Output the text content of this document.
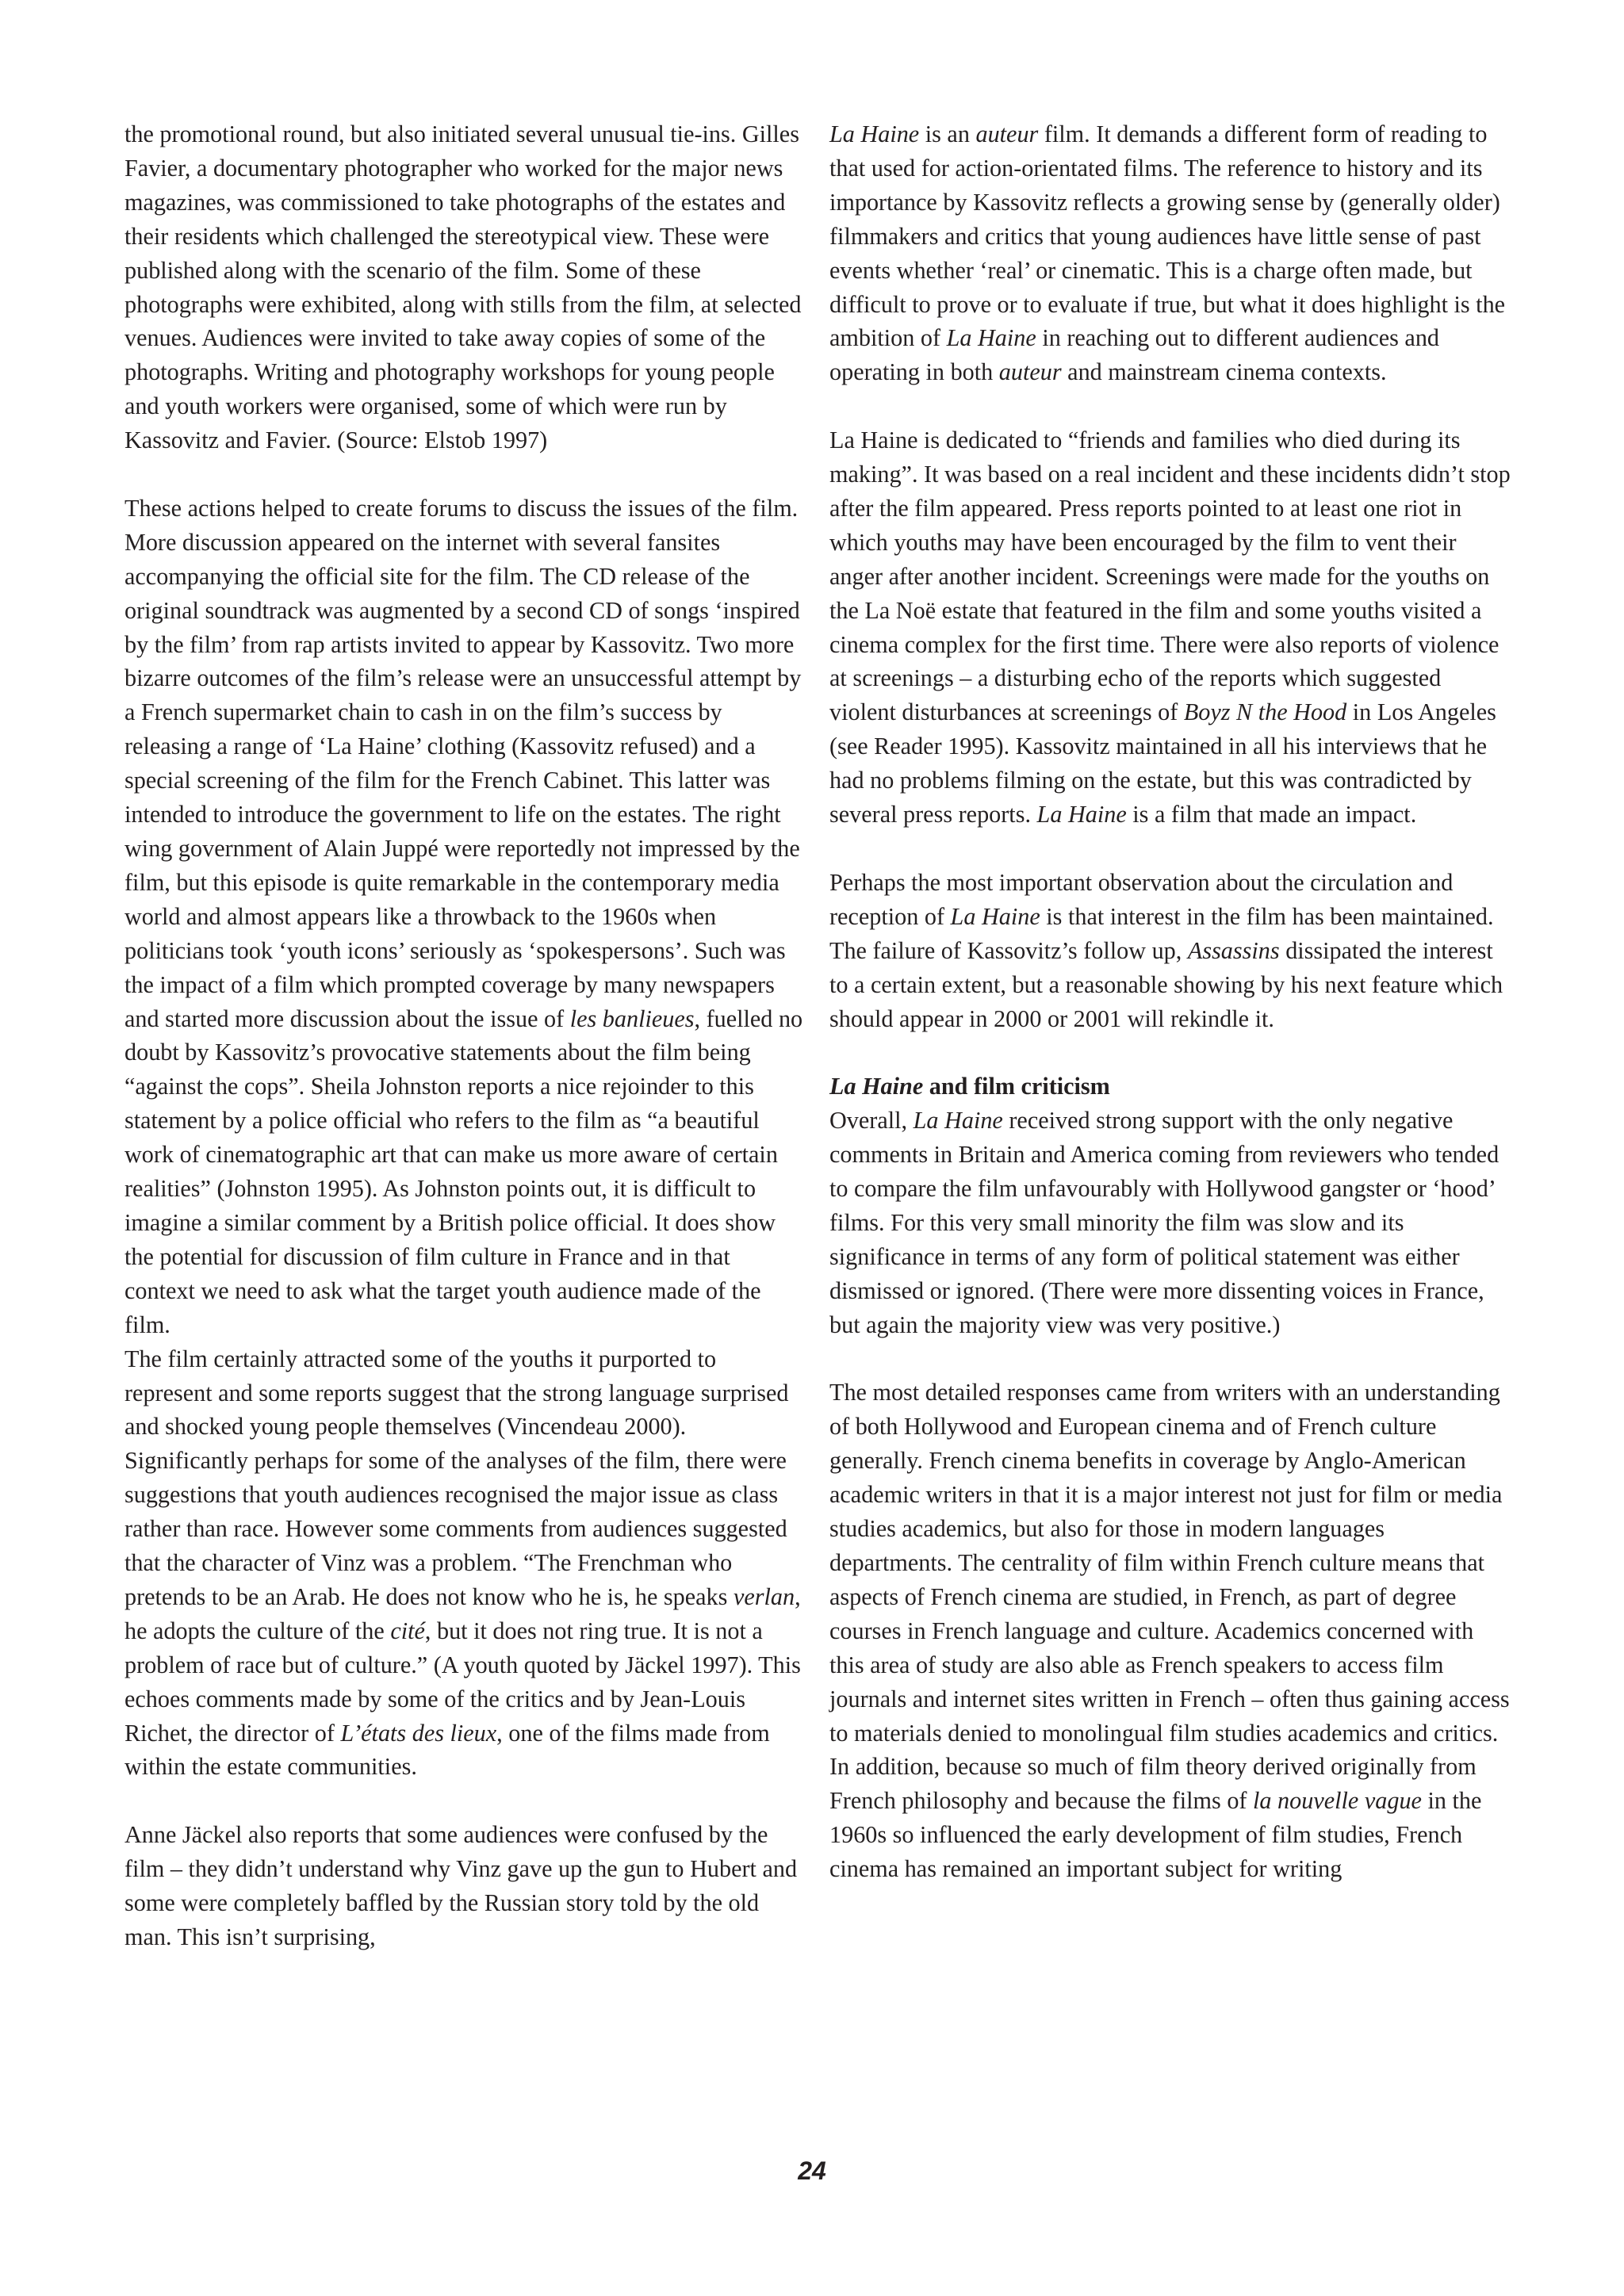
the promotional round, but also initiated several unusual tie-ins. Gilles Favier, a documentary photographer who worked for the major news magazines, was commissioned to take photographs of the estates and their residents which challenged the stereotypical view. These were published along with the scenario of the film. Some of these photographs were exhibited, along with stills from the film, at selected venues. Audiences were invited to take away copies of some of the photographs. Writing and photography workshops for young people and youth workers were organised, some of which were run by Kassovitz and Favier. (Source: Elstob 1997)

These actions helped to create forums to discuss the issues of the film. More discussion appeared on the internet with several fansites accompanying the official site for the film. The CD release of the original soundtrack was augmented by a second CD of songs ‘inspired by the film’ from rap artists invited to appear by Kassovitz. Two more bizarre outcomes of the film’s release were an unsuccessful attempt by a French supermarket chain to cash in on the film’s success by releasing a range of ‘La Haine’ clothing (Kassovitz refused) and a special screening of the film for the French Cabinet. This latter was intended to introduce the government to life on the estates. The right wing government of Alain Juppé were reportedly not impressed by the film, but this episode is quite remarkable in the contemporary media world and almost appears like a throwback to the 1960s when politicians took ‘youth icons’ seriously as ‘spokespersons’. Such was the impact of a film which prompted coverage by many newspapers and started more discussion about the issue of les banlieues, fuelled no doubt by Kassovitz’s provocative statements about the film being “against the cops”. Sheila Johnston reports a nice rejoinder to this statement by a police official who refers to the film as “a beautiful work of cinematographic art that can make us more aware of certain realities” (Johnston 1995). As Johnston points out, it is difficult to imagine a similar comment by a British police official. It does show the potential for discussion of film culture in France and in that context we need to ask what the target youth audience made of the film.

The film certainly attracted some of the youths it purported to represent and some reports suggest that the strong language surprised and shocked young people themselves (Vincendeau 2000). Significantly perhaps for some of the analyses of the film, there were suggestions that youth audiences recognised the major issue as class rather than race. However some comments from audiences suggested that the character of Vinz was a problem. “The Frenchman who pretends to be an Arab. He does not know who he is, he speaks verlan, he adopts the culture of the cité, but it does not ring true. It is not a problem of race but of culture.” (A youth quoted by Jäckel 1997). This echoes comments made by some of the critics and by Jean-Louis Richet, the director of L’états des lieux, one of the films made from within the estate communities.

Anne Jäckel also reports that some audiences were confused by the film – they didn’t understand why Vinz gave up the gun to Hubert and some were completely baffled by the Russian story told by the old man. This isn’t surprising,

La Haine is an auteur film. It demands a different form of reading to that used for action-orientated films. The reference to history and its importance by Kassovitz reflects a growing sense by (generally older) filmmakers and critics that young audiences have little sense of past events whether ‘real’ or cinematic. This is a charge often made, but difficult to prove or to evaluate if true, but what it does highlight is the ambition of La Haine in reaching out to different audiences and operating in both auteur and mainstream cinema contexts.

La Haine is dedicated to “friends and families who died during its making”. It was based on a real incident and these incidents didn’t stop after the film appeared. Press reports pointed to at least one riot in which youths may have been encouraged by the film to vent their anger after another incident. Screenings were made for the youths on the La Noë estate that featured in the film and some youths visited a cinema complex for the first time. There were also reports of violence at screenings – a disturbing echo of the reports which suggested violent disturbances at screenings of Boyz N the Hood in Los Angeles (see Reader 1995). Kassovitz maintained in all his interviews that he had no problems filming on the estate, but this was contradicted by several press reports. La Haine is a film that made an impact.

Perhaps the most important observation about the circulation and reception of La Haine is that interest in the film has been maintained. The failure of Kassovitz’s follow up, Assassins dissipated the interest to a certain extent, but a reasonable showing by his next feature which should appear in 2000 or 2001 will rekindle it.

La Haine and film criticism

Overall, La Haine received strong support with the only negative comments in Britain and America coming from reviewers who tended to compare the film unfavourably with Hollywood gangster or ‘hood’ films. For this very small minority the film was slow and its significance in terms of any form of political statement was either dismissed or ignored. (There were more dissenting voices in France, but again the majority view was very positive.)

The most detailed responses came from writers with an understanding of both Hollywood and European cinema and of French culture generally. French cinema benefits in coverage by Anglo-American academic writers in that it is a major interest not just for film or media studies academics, but also for those in modern languages departments. The centrality of film within French culture means that aspects of French cinema are studied, in French, as part of degree courses in French language and culture. Academics concerned with this area of study are also able as French speakers to access film journals and internet sites written in French – often thus gaining access to materials denied to monolingual film studies academics and critics. In addition, because so much of film theory derived originally from French philosophy and because the films of la nouvelle vague in the 1960s so influenced the early development of film studies, French cinema has remained an important subject for writing

24
